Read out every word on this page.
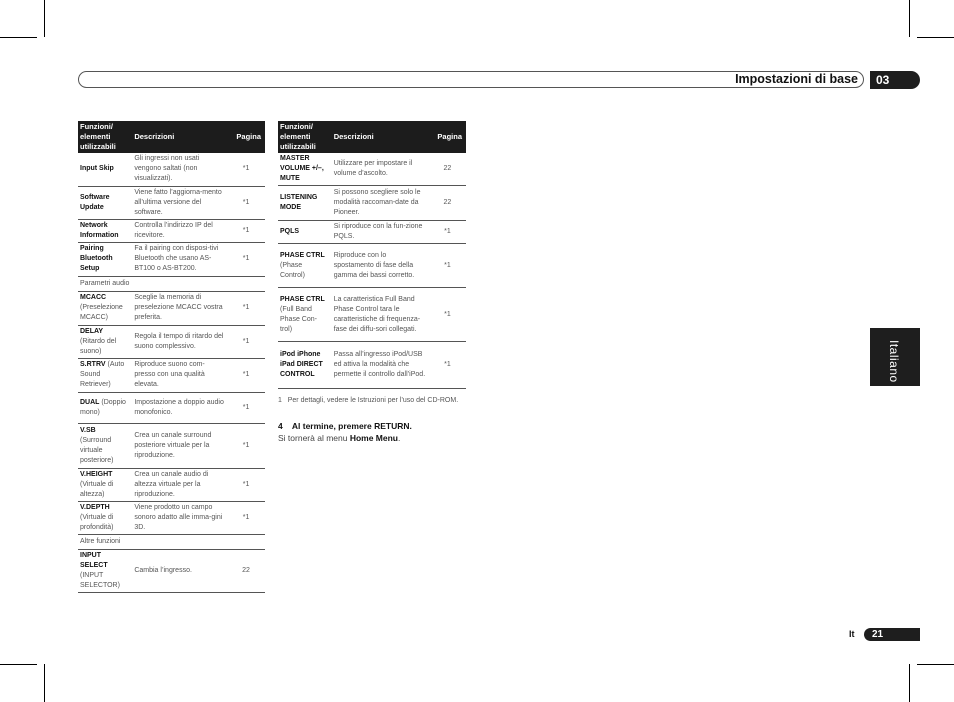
Impostazioni di base	03
Italiano
Funzioni/
elementi
utilizzabili	Descrizioni	Pagina
Input Skip	Gli ingressi non usati vengono saltati (non visualizzati).	*1
Software Update	Viene fatto l’aggiorna-mento all’ultima versione del software.	*1
Network Information	Controlla l’indirizzo IP del ricevitore.	*1
Pairing Bluetooth Setup	Fa il pairing con disposi-tivi Bluetooth che usano AS-BT100 o AS-BT200.	*1
Parametri audio		
MCACC (Preselezione MCACC)	Sceglie la memoria di preselezione MCACC vostra preferita.	*1
DELAY (Ritardo del suono)	Regola il tempo di ritardo del suono complessivo.	*1
S.RTRV (Auto Sound Retriever)	Riproduce suono com-presso con una qualità elevata.	*1
DUAL (Doppio mono)	Impostazione a doppio audio monofonico.	*1
V.SB (Surround virtuale posteriore)	Crea un canale surround posteriore virtuale per la riproduzione.	*1
V.HEIGHT (Virtuale di altezza)	Crea un canale audio di altezza virtuale per la riproduzione.	*1
V.DEPTH (Virtuale di profondità)	Viene prodotto un campo sonoro adatto alle imma-gini 3D.	*1
Altre funzioni		
INPUT SELECT (INPUT SELECTOR)	Cambia l’ingresso.	22
Funzioni/
elementi
utilizzabili	Descrizioni	Pagina
MASTER VOLUME +/–, MUTE	Utilizzare per impostare il volume d’ascolto.	22
LISTENING MODE	Si possono scegliere solo le modalità raccoman-date da Pioneer.	22
PQLS	Si riproduce con la fun-zione PQLS.	*1
PHASE CTRL (Phase Control)	Riproduce con lo spostamento di fase della gamma dei bassi corretto.	*1
PHASE CTRL (Full Band Phase Con-trol)	La caratteristica Full Band Phase Control tara le caratteristiche di frequenza-fase dei diffu-sori collegati.	*1
iPod iPhone iPad DIRECT CONTROL	Passa all’ingresso iPod/USB ed attiva la modalità che permette il controllo dall’iPod.	*1
1 Per dettagli, vedere le Istruzioni per l’uso del CD-ROM.
4 Al termine, premere RETURN.
Si tornerà al menu Home Menu.
It 21
